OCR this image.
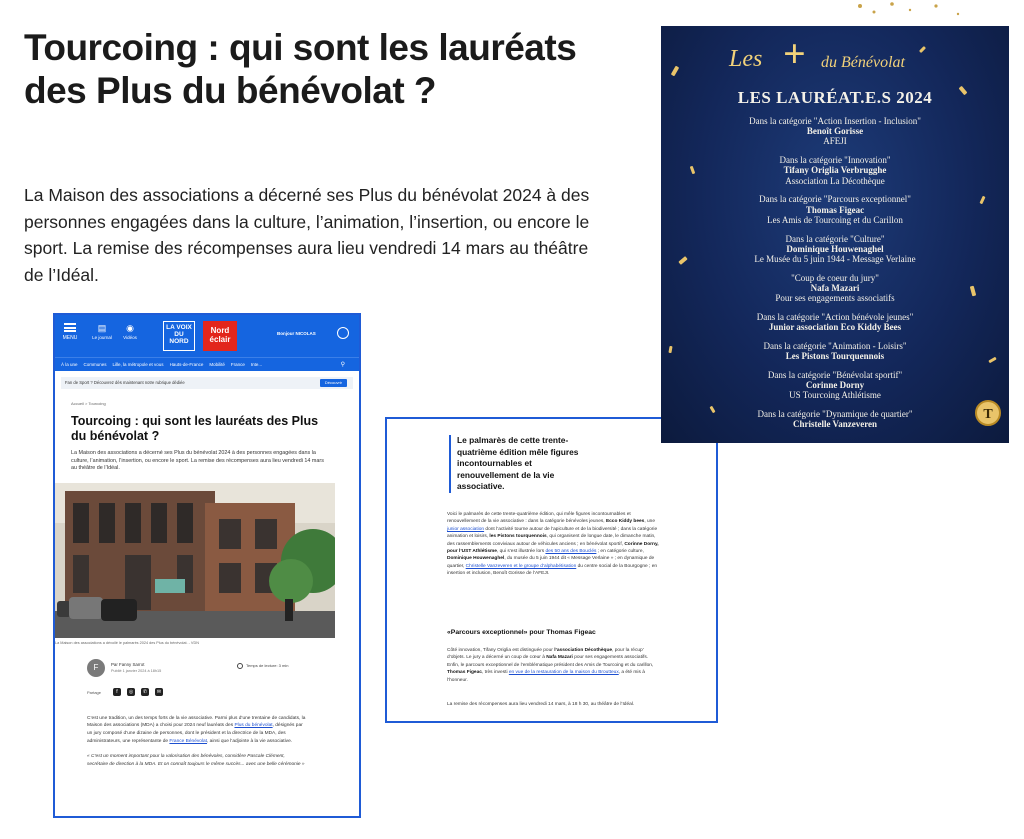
Tourcoing : qui sont les lauréats des Plus du bénévolat ?

La Maison des associations a décerné ses Plus du bénévolat 2024 à des personnes engagées dans la culture, l’animation, l’insertion, ou encore le sport. La remise des récompenses aura lieu vendredi 14 mars au théâtre de l’Idéal.

MENU
▤
Le journal
◉
Vidéos
LA VOIX DU NORD
Nord éclair
Bonjour NICOLAS
À la une Communes Lille, la métropole et vous Hauts-de-France Mobilité France Inte...	⚲
Fan de Sport ? Découvrez dès maintenant notre rubrique dédiée	Découvrir
Accueil > Tourcoing
Tourcoing : qui sont les lauréats des Plus du bénévolat ?
La Maison des associations a décerné ses Plus du bénévolat 2024 à des personnes engagées dans la culture, l’animation, l’insertion, ou encore le sport. La remise des récompenses aura lieu vendredi 14 mars au théâtre de l’Idéal.
La Maison des associations a dévoilé le palmarès 2024 des Plus du bénévolat. - VDN
F	Par Fanny Sarrot
Publié 1 janvier 2024 à 18h15
Temps de lecture: 3 min
Partage	f	◎	✆	✉
C’est une tradition, un des temps forts de la vie associative. Parmi plus d’une trentaine de candidats, la Maison des associations (MDA) a choisi pour 2024 neuf lauréats des Plus du bénévolat, désignés par un jury composé d’une dizaine de personnes, dont le président et la directrice de la MDA, des administrateurs, une représentante de France Bénévolat, ainsi que l’adjointe à la vie associative.
« C’est un moment important pour la valorisation des bénévoles, considère Pascale Clément, secrétaire de direction à la MDA. Et on connaît toujours le même succès... avec une belle cérémonie »
Le palmarès de cette trente-quatrième édition mêle figures incontournables et renouvellement de la vie associative.
Voici le palmarès de cette trente-quatrième édition, qui mêle figures incontournables et renouvellement de la vie associative : dans la catégorie bénévoles jeunes, Ecco Kiddy bees, une junior association dont l’activité tourne autour de l’apiculture et de la biodiversité ; dans la catégorie animation et loisirs, les Pistons tourquennois, qui organisent de longue date, le dimanche matin, des rassemblements conviviaux autour de véhicules anciens ; en bénévolat sportif, Corinne Dorny, pour l’UST Athlétisme, qui s’est illustrée lors des 50 ans des Bouclés ; en catégorie culture, Dominique Houwenaghel, du musée du 5 juin 1944 dit « Message Verlaine » ; en dynamique de quartier, Christelle Vanzeveren et le groupe d’alphabétisation du centre social de la Bourgogne ; en insertion et inclusion, Benoît Gorisse de l’AFEJI.
«Parcours exceptionnel» pour Thomas Figeac
Côté innovation, Tifany Origlia est distinguée pour l’association Décothèque, pour la récup’ d’objets. Le jury a décerné un coup de cœur à Nafa Mazari pour ses engagements associatifs. Enfin, le parcours exceptionnel de l’emblématique président des Amis de Tourcoing et du carillon, Thomas Figeac, très investi en vue de la restauration de la maison du Broutteux, a été mis à l’honneur.
La remise des récompenses aura lieu vendredi 14 mars, à 18 h 30, au théâtre de l’Idéal.
Les + du Bénévolat
LES LAURÉAT.E.S 2024
Dans la catégorie "Action Insertion - Inclusion"
Benoît Gorisse
AFEJI
Dans la catégorie "Innovation"
Tifany Origlia Verbrugghe
Association La Décothèque
Dans la catégorie "Parcours exceptionnel"
Thomas Figeac
Les Amis de Tourcoing et du Carillon
Dans la catégorie "Culture"
Dominique Houwenaghel
Le Musée du 5 juin 1944 - Message Verlaine
"Coup de coeur du jury"
Nafa Mazari
Pour ses engagements associatifs
Dans la catégorie "Action bénévole jeunes"
Junior association Eco Kiddy Bees
Dans la catégorie "Animation - Loisirs"
Les Pistons Tourquennois
Dans la catégorie "Bénévolat sportif"
Corinne Dorny
US Tourcoing Athlétisme
Dans la catégorie "Dynamique de quartier"
Christelle Vanzeveren
T
